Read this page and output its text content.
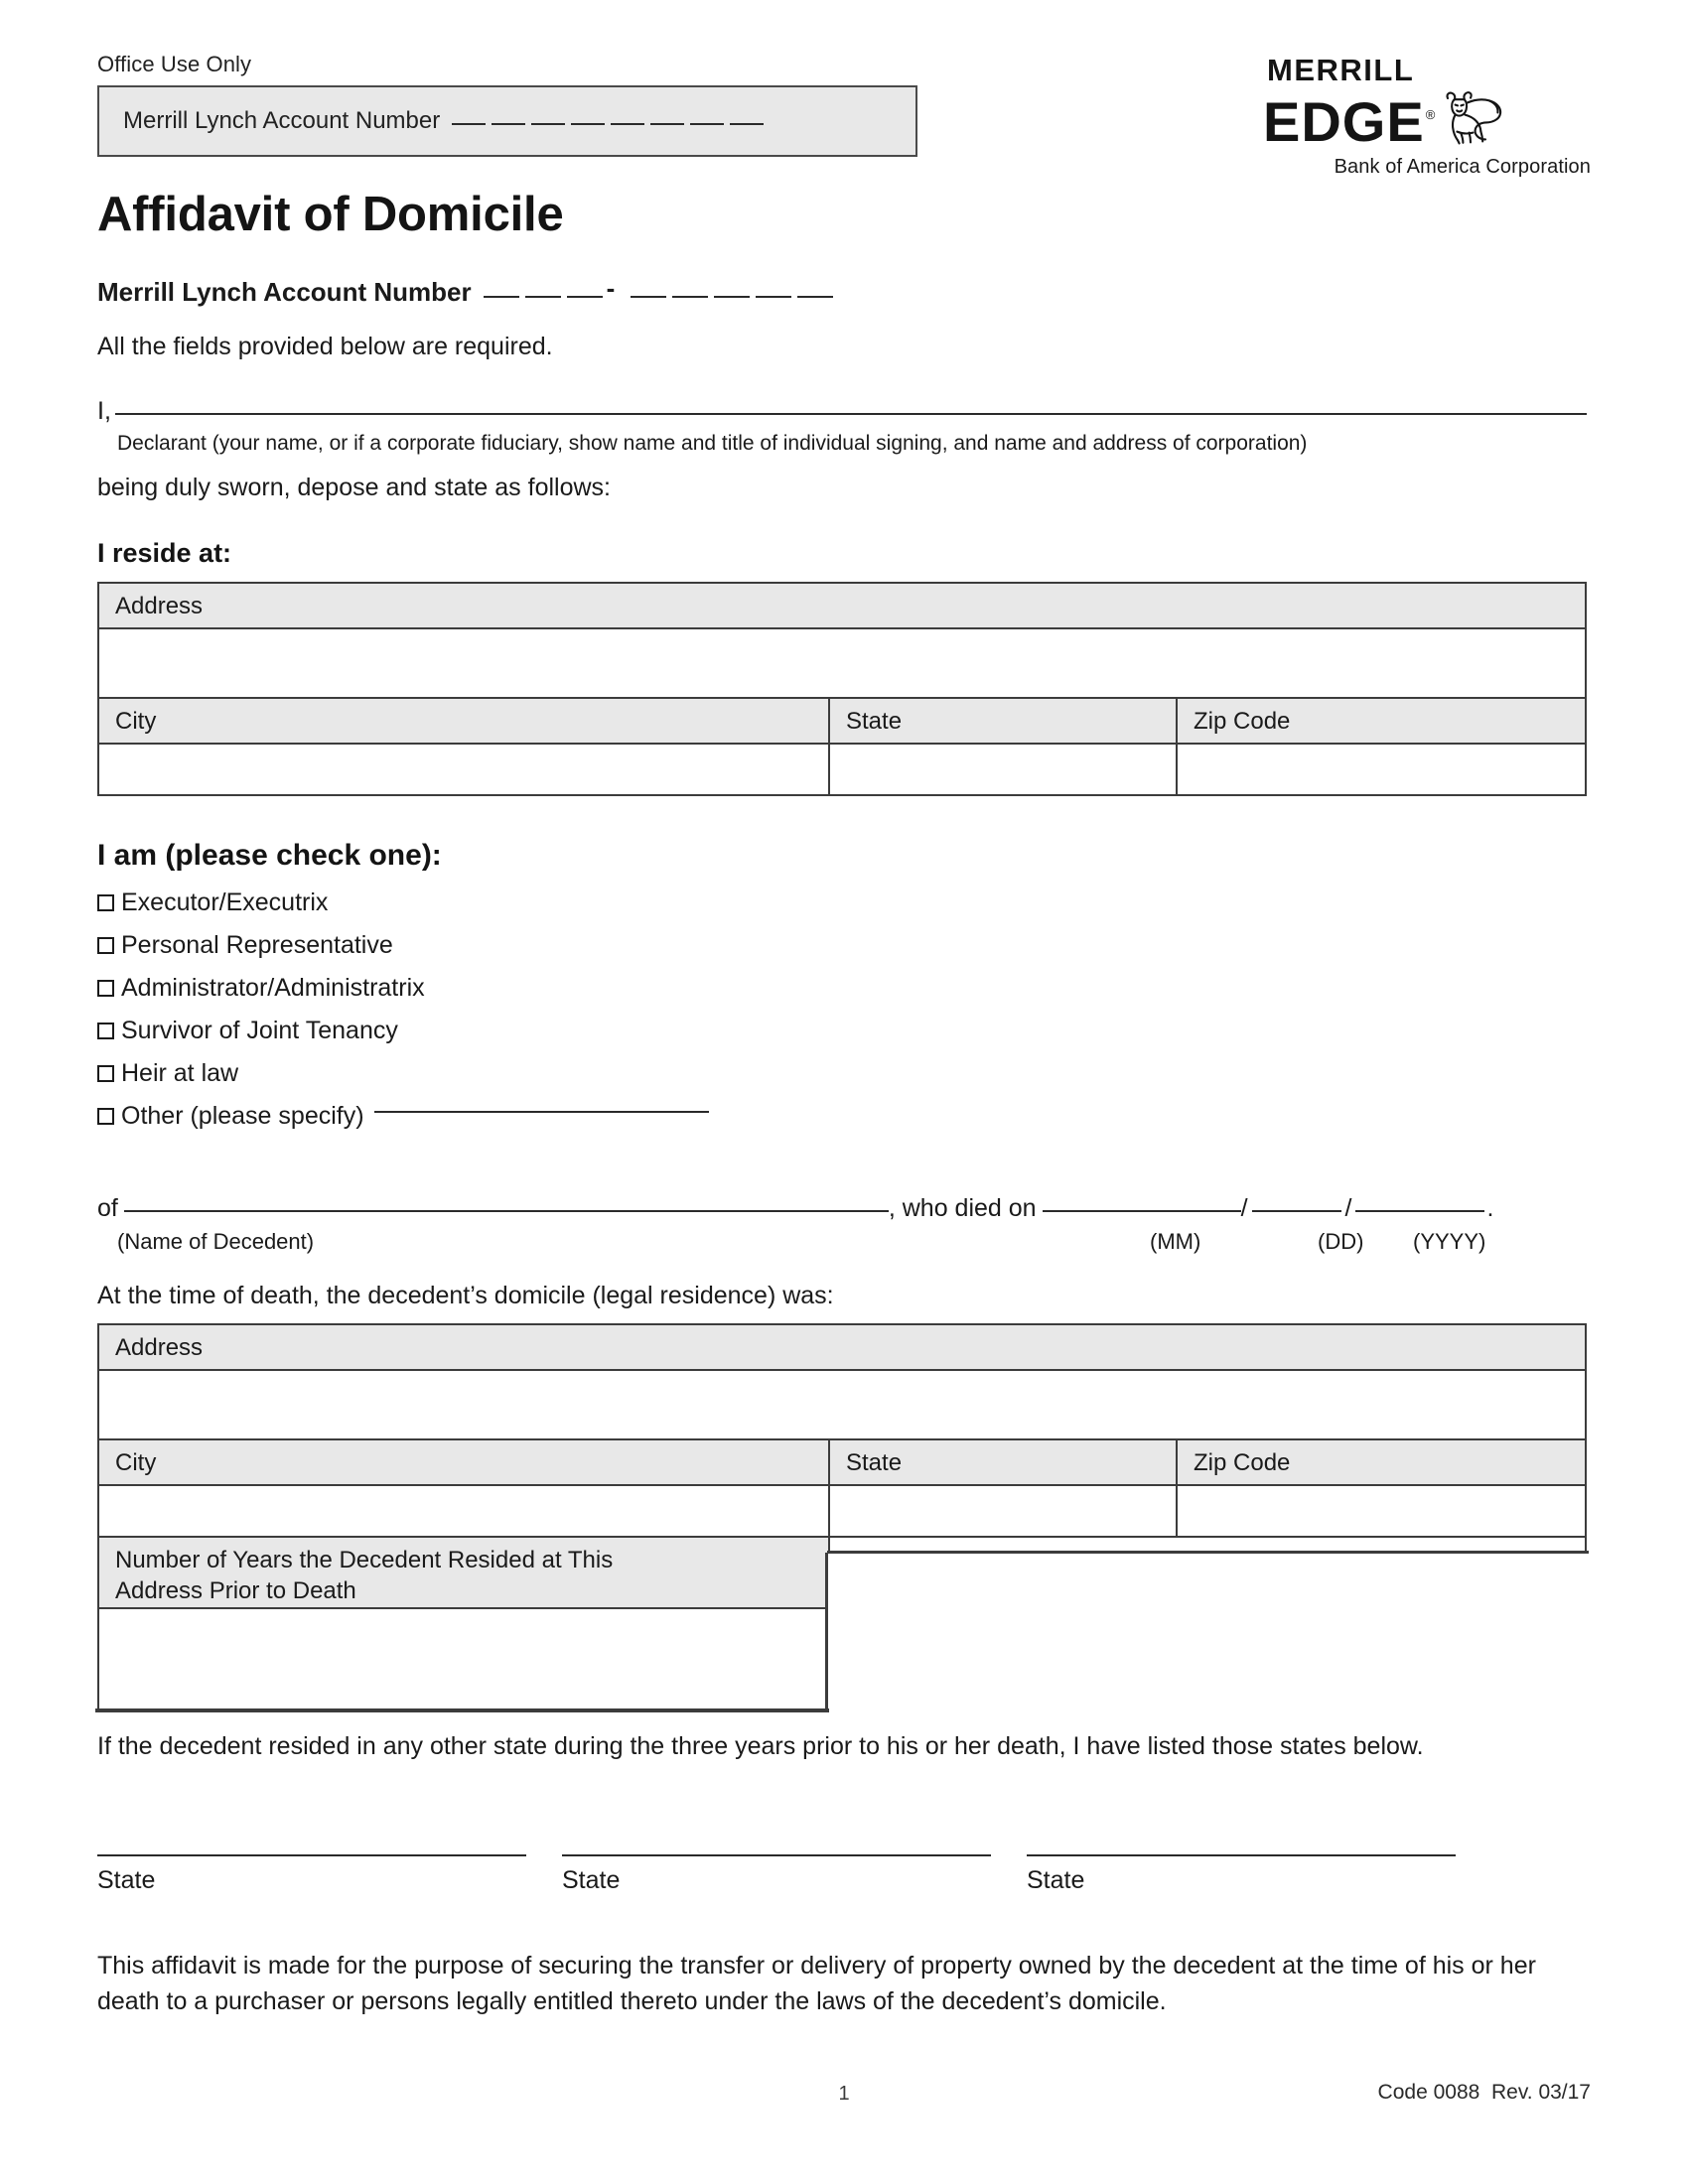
Office Use Only
Merrill Lynch Account Number
MERRILL
EDGE ®
Bank of America Corporation
Affidavit of Domicile
Merrill Lynch Account Number	-
All the fields provided below are required.
I,
Declarant (your name, or if a corporate fiduciary, show name and title of individual signing, and name and address of corporation)
being duly sworn, depose and state as follows:
I reside at:
Address
City	State	Zip Code
I am (please check one):
Executor/Executrix
Personal Representative
Administrator/Administratrix
Survivor of Joint Tenancy
Heir at law
Other (please specify)
of	, who died on	/	/	.
(Name of Decedent)	(MM)	(DD) (YYYY)
At the time of death, the decedent’s domicile (legal residence) was:
Address
City	State	Zip Code
Number of Years the Decedent Resided at This
Address Prior to Death
If the decedent resided in any other state during the three years prior to his or her death, I have listed those states below.
State	State	State
This affidavit is made for the purpose of securing the transfer or delivery of property owned by the decedent at the time of his or her death to a purchaser or persons legally entitled thereto under the laws of the decedent’s domicile.
1	Code 0088 Rev. 03/17
